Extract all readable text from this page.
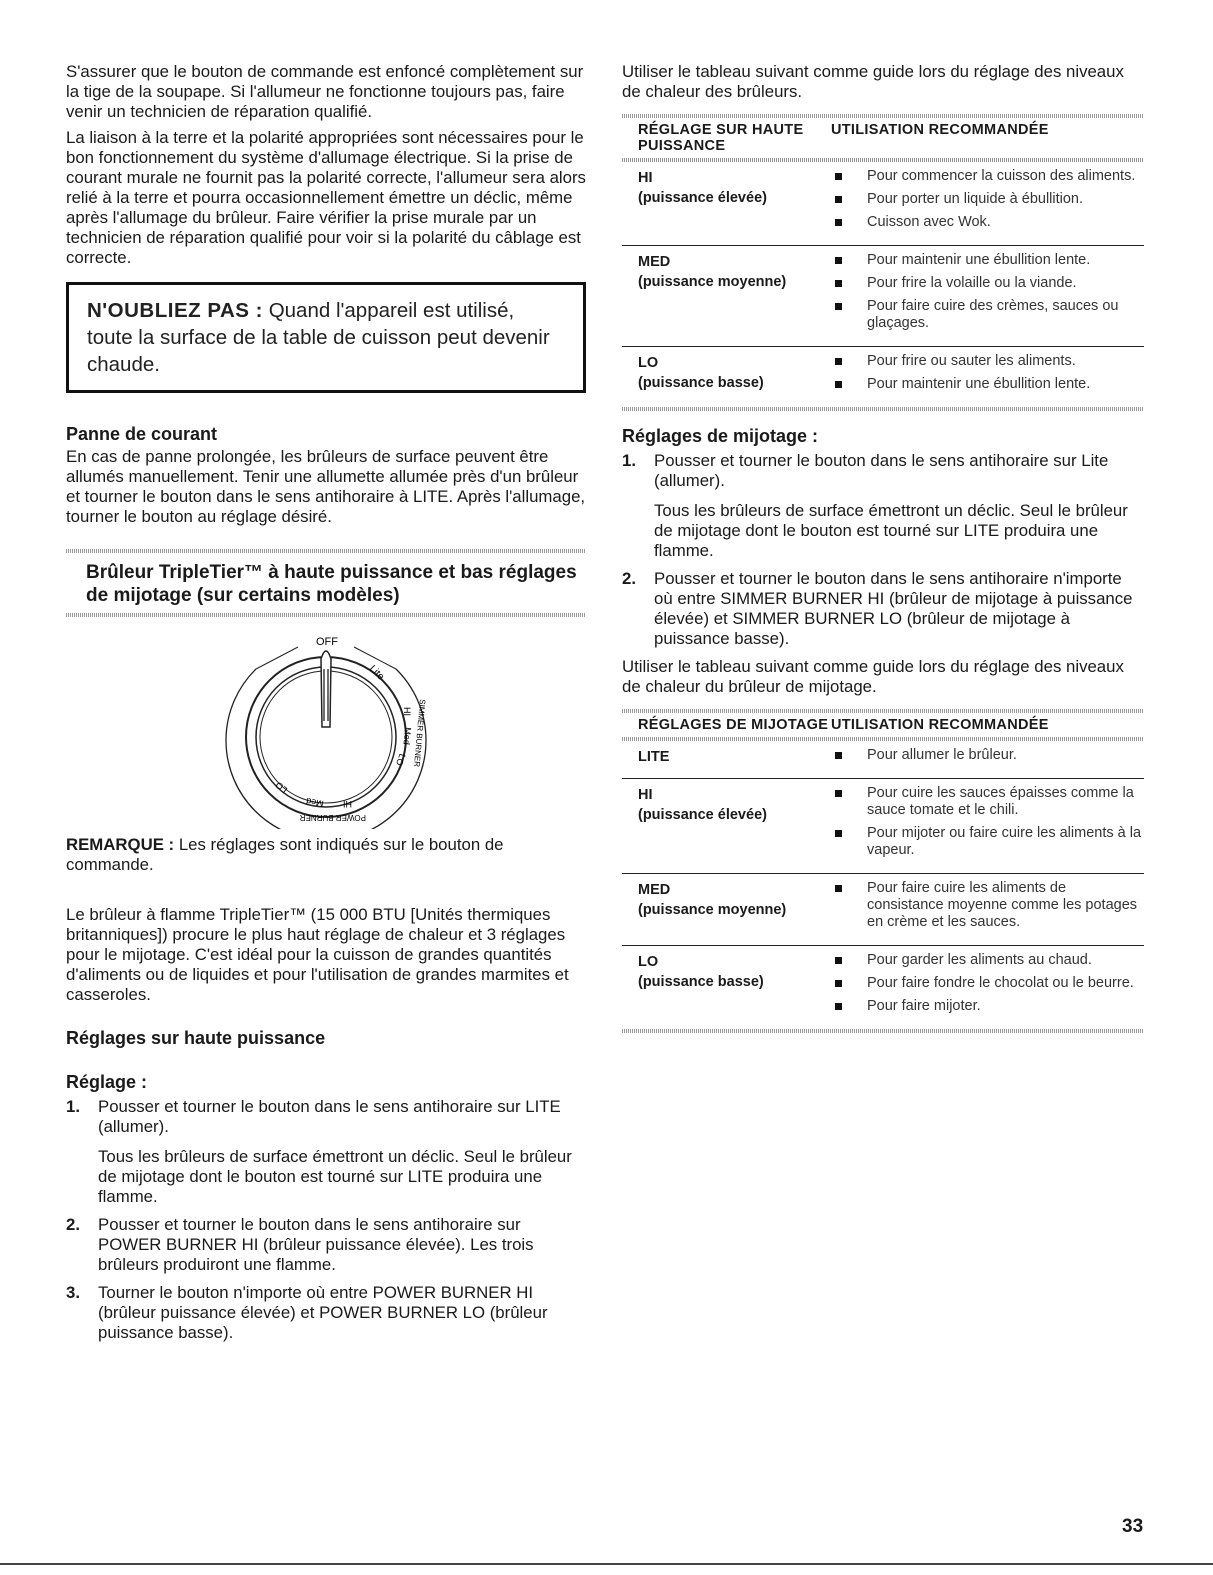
S'assurer que le bouton de commande est enfoncé complètement sur la tige de la soupape. Si l'allumeur ne fonctionne toujours pas, faire venir un technicien de réparation qualifié.

La liaison à la terre et la polarité appropriées sont nécessaires pour le bon fonctionnement du système d'allumage électrique. Si la prise de courant murale ne fournit pas la polarité correcte, l'allumeur sera alors relié à la terre et pourra occasionnellement émettre un déclic, même après l'allumage du brûleur. Faire vérifier la prise murale par un technicien de réparation qualifié pour voir si la polarité du câblage est correcte.

N'OUBLIEZ PAS : Quand l'appareil est utilisé, toute la surface de la table de cuisson peut devenir chaude.
Panne de courant

En cas de panne prolongée, les brûleurs de surface peuvent être allumés manuellement. Tenir une allumette allumée près d'un brûleur et tourner le bouton dans le sens antihoraire à LITE. Après l'allumage, tourner le bouton au réglage désiré.

Brûleur TripleTier™ à haute puissance et bas réglages de mijotage (sur certains modèles)
OFF
Lite
HI
Med
LO SIMMER BURNER
POWER BURNER
LO
Med HI

REMARQUE : Les réglages sont indiqués sur le bouton de commande.

Le brûleur à flamme TripleTier™ (15 000 BTU [Unités thermiques britanniques]) procure le plus haut réglage de chaleur et 3 réglages pour le mijotage. C'est idéal pour la cuisson de grandes quantités d'aliments ou de liquides et pour l'utilisation de grandes marmites et casseroles.

Réglages sur haute puissance
Réglage :
1. Pousser et tourner le bouton dans le sens antihoraire sur LITE (allumer).

Tous les brûleurs de surface émettront un déclic. Seul le brûleur de mijotage dont le bouton est tourné sur LITE produira une flamme.

2. Pousser et tourner le bouton dans le sens antihoraire sur POWER BURNER HI (brûleur puissance élevée). Les trois brûleurs produiront une flamme.

3. Tourner le bouton n'importe où entre POWER BURNER HI (brûleur puissance élevée) et POWER BURNER LO (brûleur puissance basse).

Utiliser le tableau suivant comme guide lors du réglage des niveaux de chaleur des brûleurs.

RÉGLAGE SUR HAUTE PUISSANCE
UTILISATION RECOMMANDÉE
HI
(puissance élevée)
Pour commencer la cuisson des aliments.
Pour porter un liquide à ébullition.
Cuisson avec Wok.
MED
(puissance moyenne)
Pour maintenir une ébullition lente.
Pour frire la volaille ou la viande.
Pour faire cuire des crèmes, sauces ou glaçages.
LO
(puissance basse)
Pour frire ou sauter les aliments.
Pour maintenir une ébullition lente.
Réglages de mijotage :
1. Pousser et tourner le bouton dans le sens antihoraire sur Lite (allumer).

Tous les brûleurs de surface émettront un déclic. Seul le brûleur de mijotage dont le bouton est tourné sur LITE produira une flamme.

2. Pousser et tourner le bouton dans le sens antihoraire n'importe où entre SIMMER BURNER HI (brûleur de mijotage à puissance élevée) et SIMMER BURNER LO (brûleur de mijotage à puissance basse).

Utiliser le tableau suivant comme guide lors du réglage des niveaux de chaleur du brûleur de mijotage.

RÉGLAGES DE MIJOTAGE UTILISATION RECOMMANDÉE
LITE	Pour allumer le brûleur.
HI
(puissance élevée)
Pour cuire les sauces épaisses comme la sauce tomate et le chili.
Pour mijoter ou faire cuire les aliments à la vapeur.
MED
(puissance moyenne)
Pour faire cuire les aliments de consistance moyenne comme les potages en crème et les sauces.
LO
(puissance basse)
Pour garder les aliments au chaud.
Pour faire fondre le chocolat ou le beurre.
Pour faire mijoter.
33
